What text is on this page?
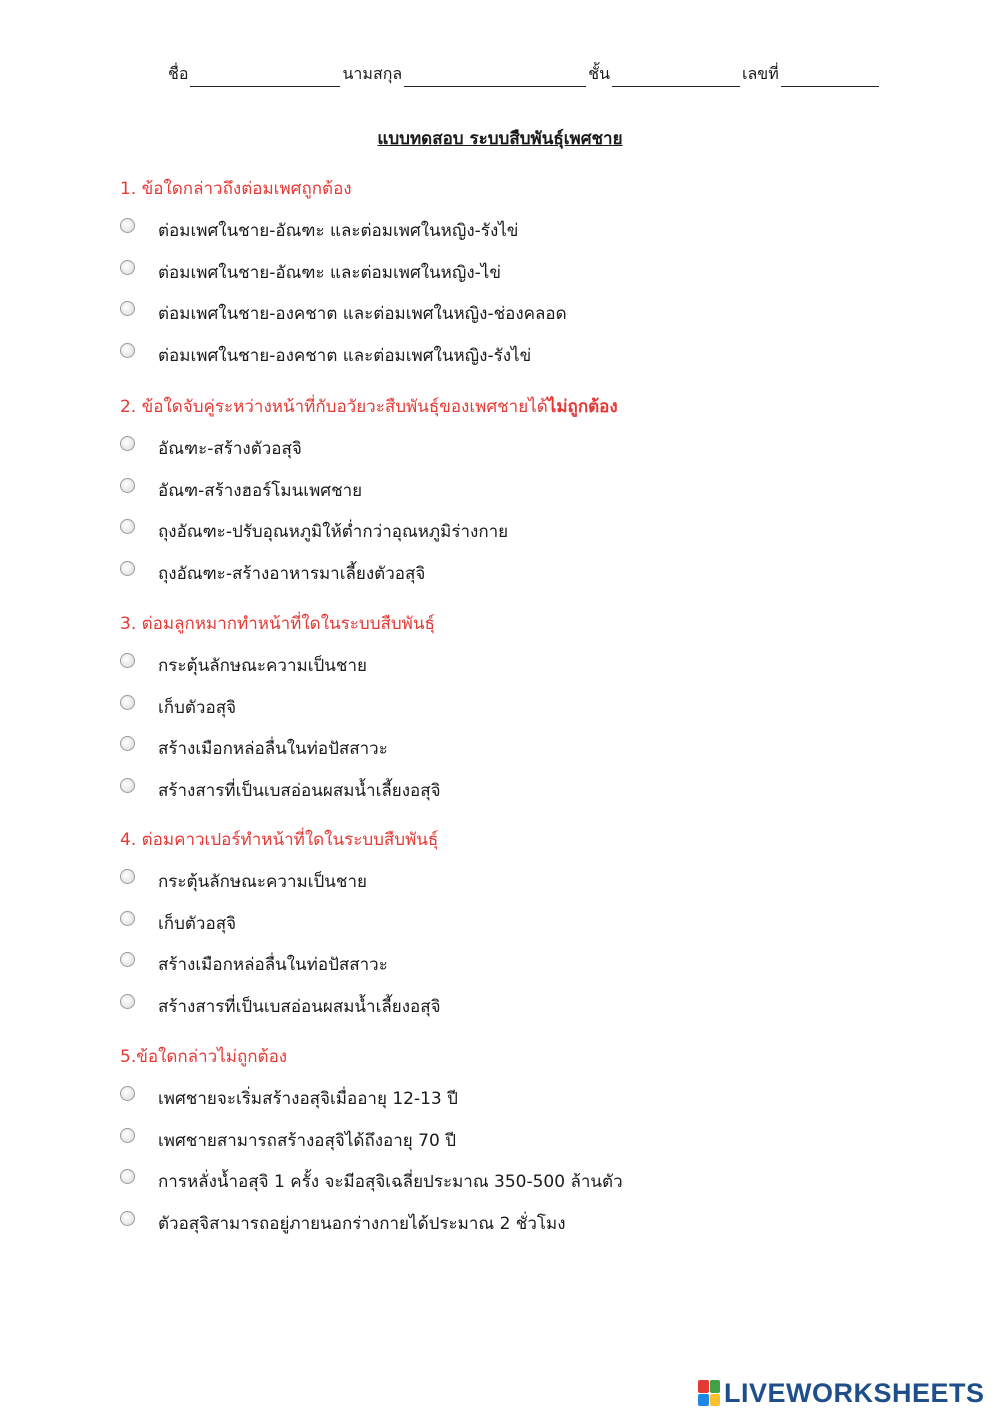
ชื่อ	นามสกุล	ชั้น	เลขที่
แบบทดสอบ ระบบสืบพันธุ์เพศชาย
1. ข้อใดกล่าวถึงต่อมเพศถูกต้อง
ต่อมเพศในชาย-อัณฑะ และต่อมเพศในหญิง-รังไข่
ต่อมเพศในชาย-อัณฑะ และต่อมเพศในหญิง-ไข่
ต่อมเพศในชาย-องคชาต และต่อมเพศในหญิง-ช่องคลอด
ต่อมเพศในชาย-องคชาต และต่อมเพศในหญิง-รังไข่
2. ข้อใดจับคู่ระหว่างหน้าที่กับอวัยวะสืบพันธุ์ของเพศชายได้ไม่ถูกต้อง
อัณฑะ-สร้างตัวอสุจิ
อัณฑ-สร้างฮอร์โมนเพศชาย
ถุงอัณฑะ-ปรับอุณหภูมิให้ต่ำกว่าอุณหภูมิร่างกาย
ถุงอัณฑะ-สร้างอาหารมาเลี้ยงตัวอสุจิ
3. ต่อมลูกหมากทำหน้าที่ใดในระบบสืบพันธุ์
กระตุ้นลักษณะความเป็นชาย
เก็บตัวอสุจิ
สร้างเมือกหล่อลื่นในท่อปัสสาวะ
สร้างสารที่เป็นเบสอ่อนผสมน้ำเลี้ยงอสุจิ
4. ต่อมคาวเปอร์ทำหน้าที่ใดในระบบสืบพันธุ์
กระตุ้นลักษณะความเป็นชาย
เก็บตัวอสุจิ
สร้างเมือกหล่อลื่นในท่อปัสสาวะ
สร้างสารที่เป็นเบสอ่อนผสมน้ำเลี้ยงอสุจิ
5.ข้อใดกล่าวไม่ถูกต้อง
เพศชายจะเริ่มสร้างอสุจิเมื่ออายุ 12-13 ปี
เพศชายสามารถสร้างอสุจิได้ถึงอายุ 70 ปี
การหลั่งน้ำอสุจิ 1 ครั้ง จะมีอสุจิเฉลี่ยประมาณ 350-500 ล้านตัว
ตัวอสุจิสามารถอยู่ภายนอกร่างกายได้ประมาณ 2 ชั่วโมง
LIVEWORKSHEETS
